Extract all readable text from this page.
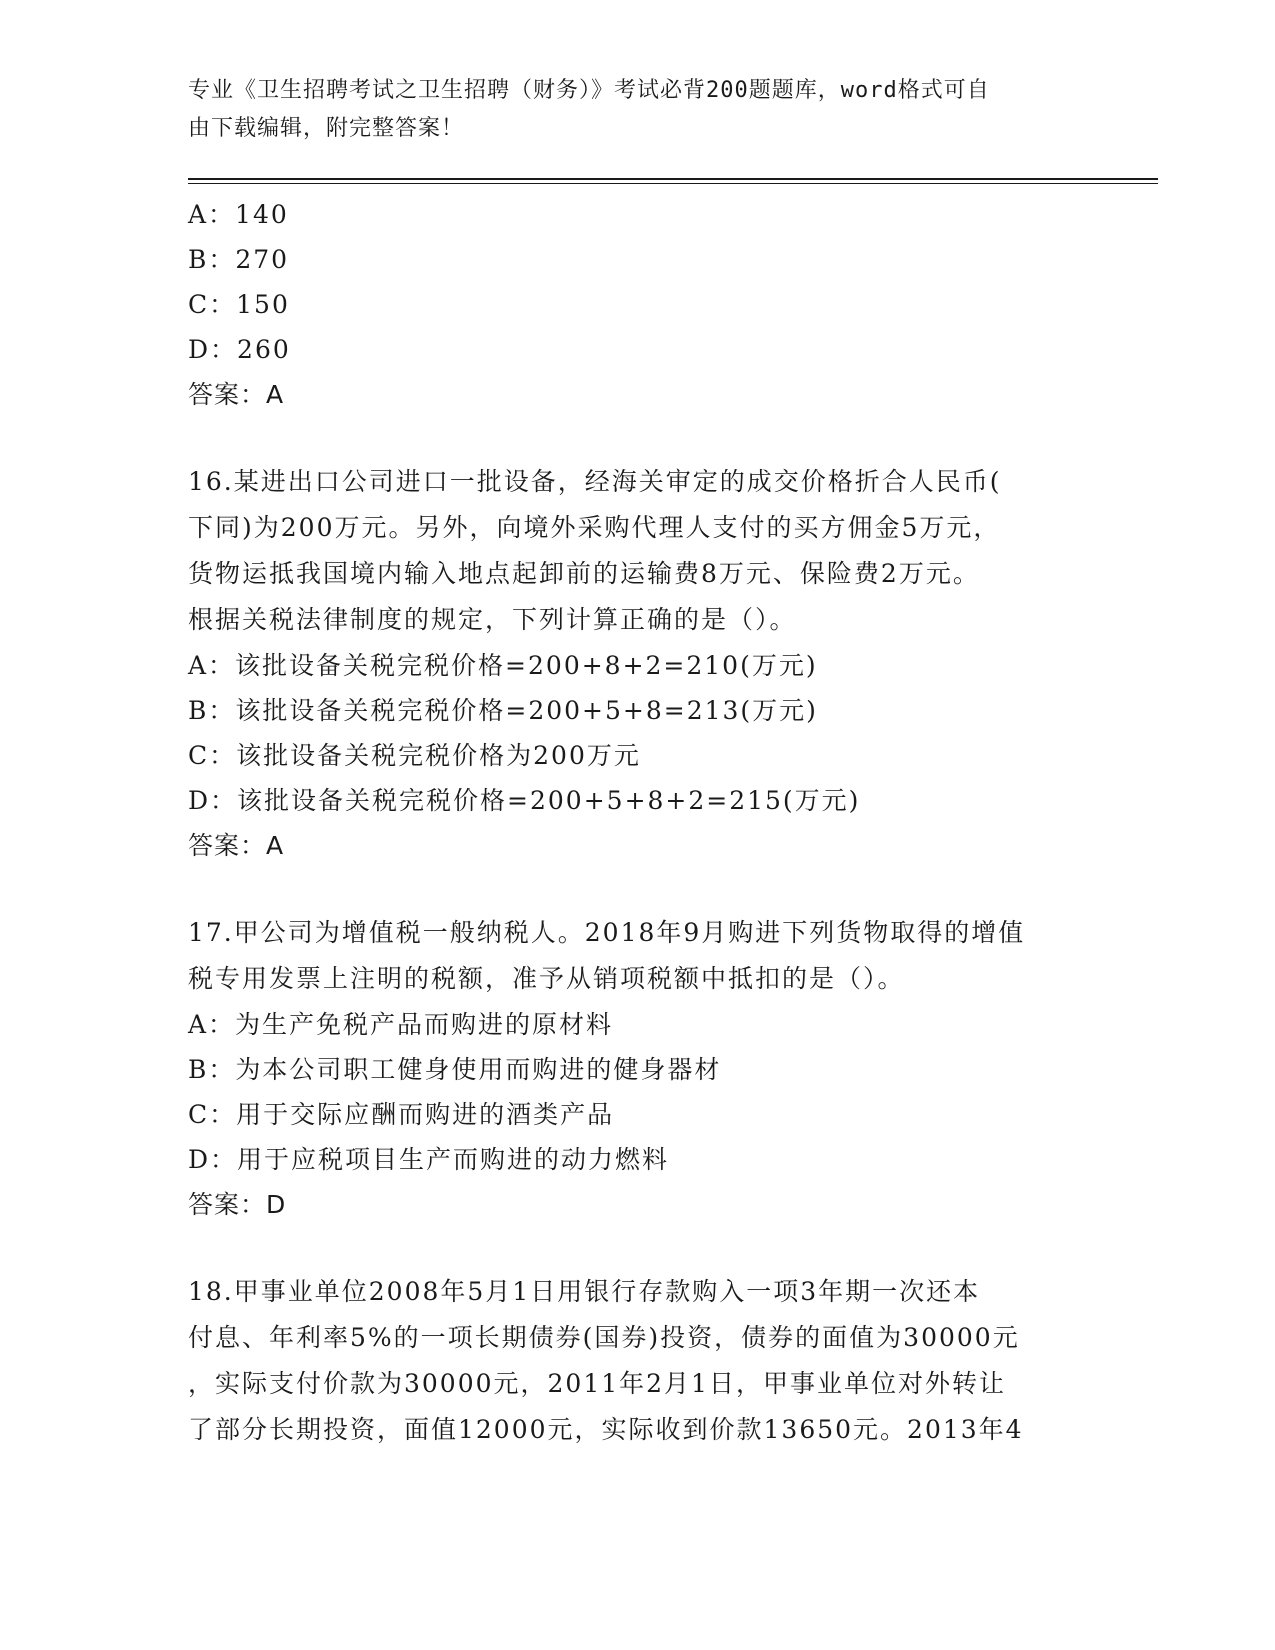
专业《卫生招聘考试之卫生招聘（财务）》考试必背200题题库，word格式可自
由下载编辑，附完整答案！
A：140
B：270
C：150
D：260
答案：A
16.某进出口公司进口一批设备，经海关审定的成交价格折合人民币(
下同)为200万元。另外，向境外采购代理人支付的买方佣金5万元，
货物运抵我国境内输入地点起卸前的运输费8万元、保险费2万元。
根据关税法律制度的规定，下列计算正确的是（）。
A：该批设备关税完税价格=200+8+2=210(万元)
B：该批设备关税完税价格=200+5+8=213(万元)
C：该批设备关税完税价格为200万元
D：该批设备关税完税价格=200+5+8+2=215(万元)
答案：A
17.甲公司为增值税一般纳税人。2018年9月购进下列货物取得的增值
税专用发票上注明的税额，准予从销项税额中抵扣的是（）。
A：为生产免税产品而购进的原材料
B：为本公司职工健身使用而购进的健身器材
C：用于交际应酬而购进的酒类产品
D：用于应税项目生产而购进的动力燃料
答案：D
18.甲事业单位2008年5月1日用银行存款购入一项3年期一次还本
付息、年利率5%的一项长期债券(国券)投资，债券的面值为30000元
，实际支付价款为30000元，2011年2月1日，甲事业单位对外转让
了部分长期投资，面值12000元，实际收到价款13650元。2013年4
